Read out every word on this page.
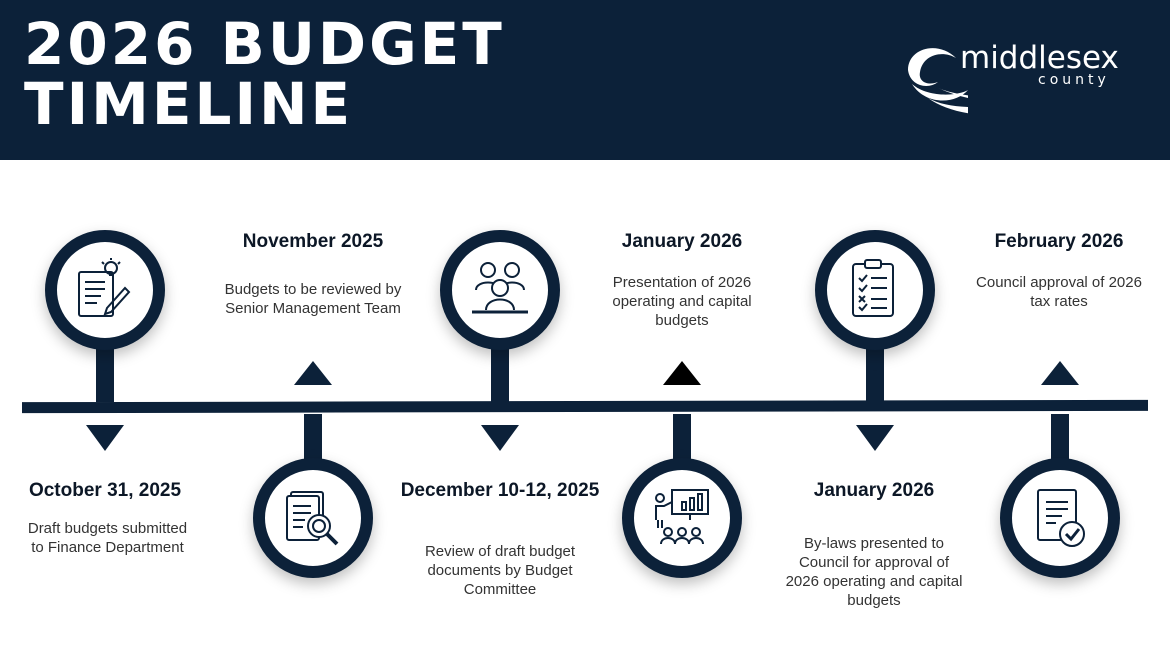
2026 BUDGET
TIMELINE
middlesex
county
October 31, 2025
Draft budgets submitted to Finance Department
November 2025
Budgets to be reviewed by Senior Management Team
December 10-12, 2025
Review of draft budget documents by Budget Committee
January 2026
Presentation of 2026 operating and capital budgets
January 2026
By-laws presented to Council for approval of 2026 operating and capital budgets
February 2026
Council approval of 2026 tax rates
